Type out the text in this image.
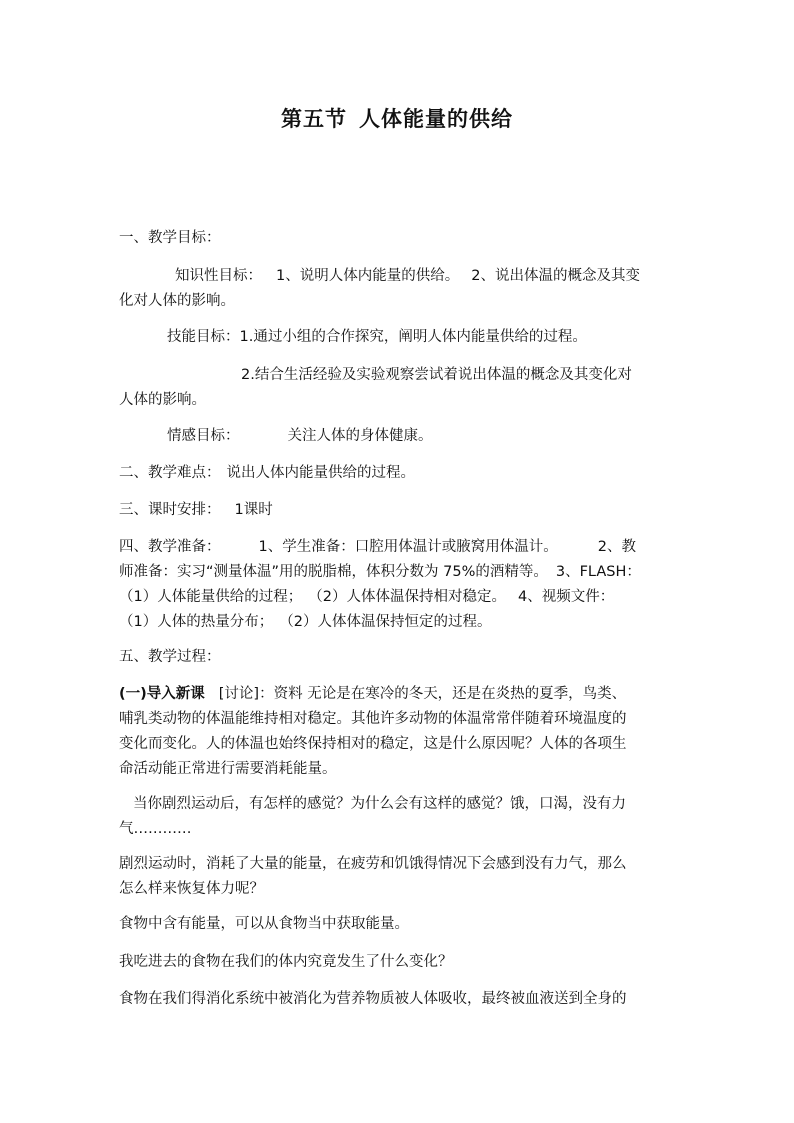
第五节 人体能量的供给
一、教学目标：
知识性目标： 1、说明人体内能量的供给。 2、说出体温的概念及其变
化对人体的影响。
技能目标：1.通过小组的合作探究，阐明人体内能量供给的过程。
2.结合生活经验及实验观察尝试着说出体温的概念及其变化对
人体的影响。
情感目标：	关注人体的身体健康。
二、教学难点： 说出人体内能量供给的过程。
三、课时安排： 1课时
四、教学准备：	1、学生准备：口腔用体温计或腋窝用体温计。	2、教
师准备：实习“测量体温”用的脱脂棉，体积分数为 75%的酒精等。 3、FLASH：
（1）人体能量供给的过程； （2）人体体温保持相对稳定。 4、视频文件：
（1）人体的热量分布； （2）人体体温保持恒定的过程。
五、教学过程：
(一)导入新课 [讨论]：资料 无论是在寒冷的冬天，还是在炎热的夏季，鸟类、
哺乳类动物的体温能维持相对稳定。其他许多动物的体温常常伴随着环境温度的
变化而变化。人的体温也始终保持相对的稳定，这是什么原因呢？人体的各项生
命活动能正常进行需要消耗能量。
当你剧烈运动后，有怎样的感觉？为什么会有这样的感觉？饿，口渴，没有力
气…………
剧烈运动时，消耗了大量的能量，在疲劳和饥饿得情况下会感到没有力气，那么
怎么样来恢复体力呢？
食物中含有能量，可以从食物当中获取能量。
我吃进去的食物在我们的体内究竟发生了什么变化？
食物在我们得消化系统中被消化为营养物质被人体吸收，最终被血液送到全身的
